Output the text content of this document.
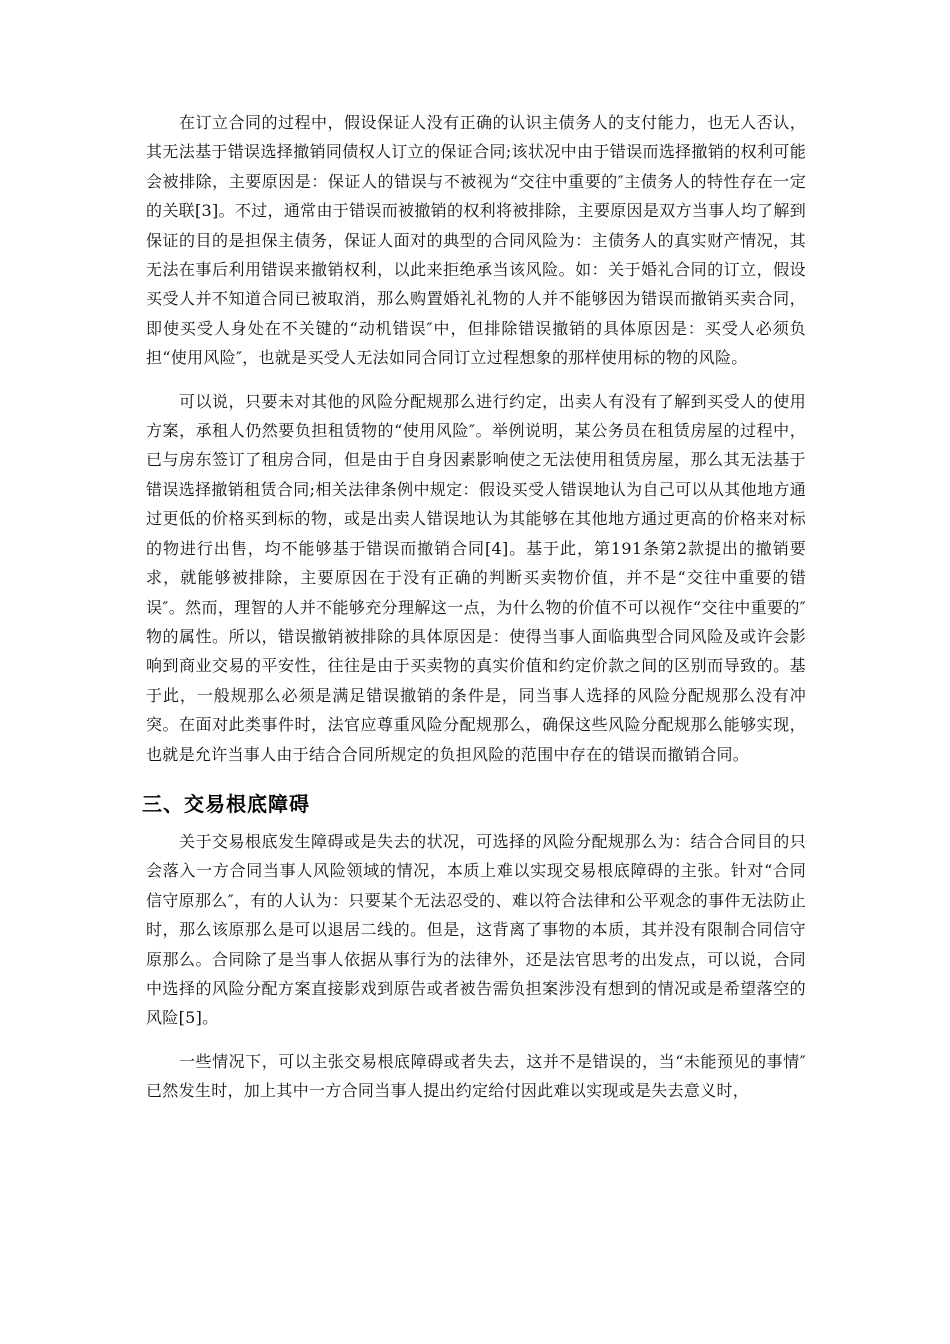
在订立合同的过程中，假设保证人没有正确的认识主债务人的支付能力，也无人否认，其无法基于错误选择撤销同债权人订立的保证合同;该状况中由于错误而选择撤销的权利可能会被排除，主要原因是：保证人的错误与不被视为“交往中重要的″主债务人的特性存在一定的关联[3]。不过，通常由于错误而被撤销的权利将被排除，主要原因是双方当事人均了解到保证的目的是担保主债务，保证人面对的典型的合同风险为：主债务人的真实财产情况，其无法在事后利用错误来撤销权利，以此来拒绝承当该风险。如：关于婚礼合同的订立，假设买受人并不知道合同已被取消，那么购置婚礼礼物的人并不能够因为错误而撤销买卖合同，即使买受人身处在不关键的“动机错误″中，但排除错误撤销的具体原因是：买受人必须负担“使用风险″，也就是买受人无法如同合同订立过程想象的那样使用标的物的风险。

可以说，只要未对其他的风险分配规那么进行约定，出卖人有没有了解到买受人的使用方案，承租人仍然要负担租赁物的“使用风险″。举例说明，某公务员在租赁房屋的过程中，已与房东签订了租房合同，但是由于自身因素影响使之无法使用租赁房屋，那么其无法基于错误选择撤销租赁合同;相关法律条例中规定：假设买受人错误地认为自己可以从其他地方通过更低的价格买到标的物，或是出卖人错误地认为其能够在其他地方通过更高的价格来对标的物进行出售，均不能够基于错误而撤销合同[4]。基于此，第191条第2款提出的撤销要求，就能够被排除，主要原因在于没有正确的判断买卖物价值，并不是“交往中重要的错误″。然而，理智的人并不能够充分理解这一点，为什么物的价值不可以视作“交往中重要的″物的属性。所以，错误撤销被排除的具体原因是：使得当事人面临典型合同风险及或许会影响到商业交易的平安性，往往是由于买卖物的真实价值和约定价款之间的区别而导致的。基于此，一般规那么必须是满足错误撤销的条件是，同当事人选择的风险分配规那么没有冲突。在面对此类事件时，法官应尊重风险分配规那么，确保这些风险分配规那么能够实现，也就是允许当事人由于结合合同所规定的负担风险的范围中存在的错误而撤销合同。

三、交易根底障碍

关于交易根底发生障碍或是失去的状况，可选择的风险分配规那么为：结合合同目的只会落入一方合同当事人风险领域的情况，本质上难以实现交易根底障碍的主张。针对“合同信守原那么″，有的人认为：只要某个无法忍受的、难以符合法律和公平观念的事件无法防止时，那么该原那么是可以退居二线的。但是，这背离了事物的本质，其并没有限制合同信守原那么。合同除了是当事人依据从事行为的法律外，还是法官思考的出发点，可以说，合同中选择的风险分配方案直接影戏到原告或者被告需负担案涉没有想到的情况或是希望落空的风险[5]。

一些情况下，可以主张交易根底障碍或者失去，这并不是错误的，当“未能预见的事情″已然发生时，加上其中一方合同当事人提出约定给付因此难以实现或是失去意义时，
